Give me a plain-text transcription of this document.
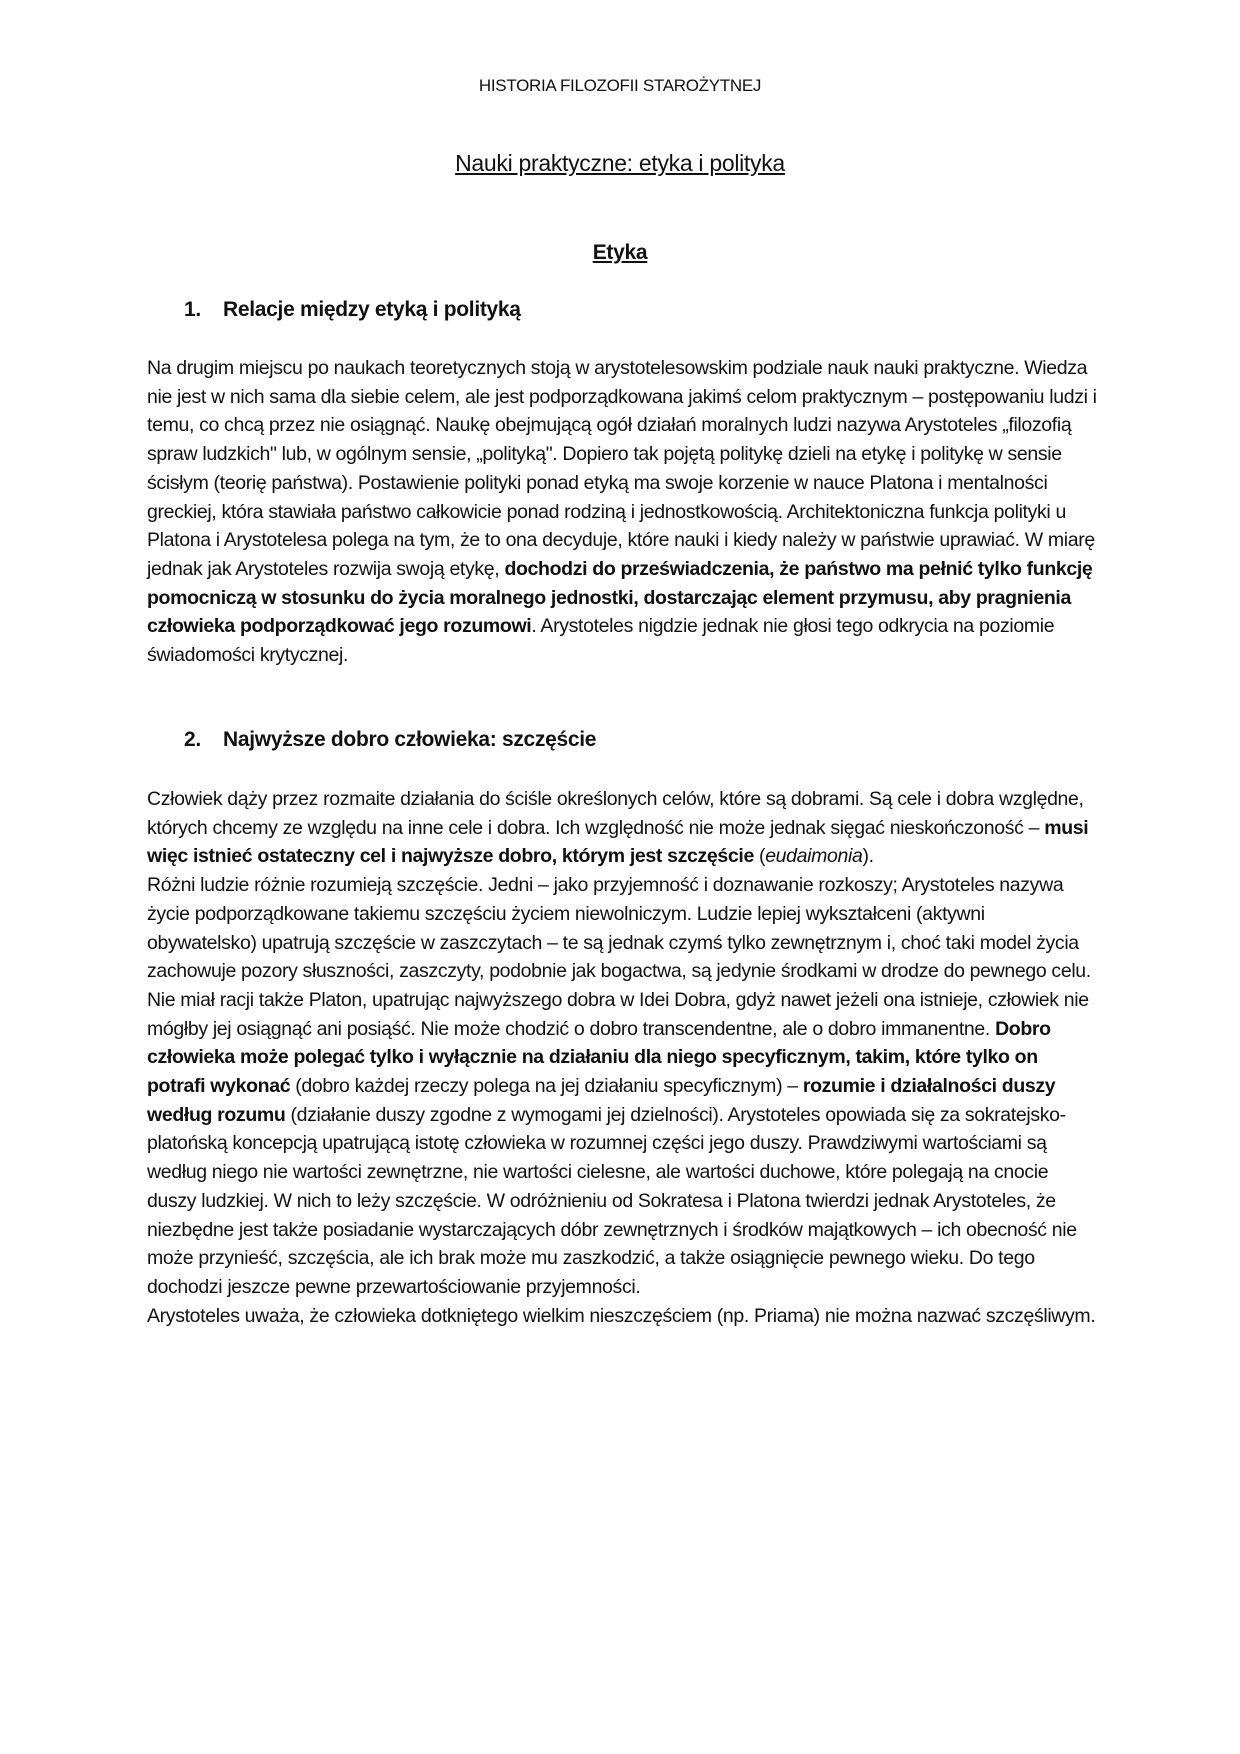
HISTORIA FILOZOFII STAROŻYTNEJ
Nauki praktyczne: etyka i polityka
Etyka
1. Relacje między etyką i polityką
Na drugim miejscu po naukach teoretycznych stoją w arystotelesowskim podziale nauk nauki praktyczne. Wiedza nie jest w nich sama dla siebie celem, ale jest podporządkowana jakimś celom praktycznym – postępowaniu ludzi i temu, co chcą przez nie osiągnąć. Naukę obejmującą ogół działań moralnych ludzi nazywa Arystoteles „filozofią spraw ludzkich" lub, w ogólnym sensie, „polityką". Dopiero tak pojętą politykę dzieli na etykę i politykę w sensie ścisłym (teorię państwa). Postawienie polityki ponad etyką ma swoje korzenie w nauce Platona i mentalności greckiej, która stawiała państwo całkowicie ponad rodziną i jednostkowością. Architektoniczna funkcja polityki u Platona i Arystotelesa polega na tym, że to ona decyduje, które nauki i kiedy należy w państwie uprawiać. W miarę jednak jak Arystoteles rozwija swoją etykę, dochodzi do przeświadczenia, że państwo ma pełnić tylko funkcję pomocniczą w stosunku do życia moralnego jednostki, dostarczając element przymusu, aby pragnienia człowieka podporządkować jego rozumowi. Arystoteles nigdzie jednak nie głosi tego odkrycia na poziomie świadomości krytycznej.
2. Najwyższe dobro człowieka: szczęście
Człowiek dąży przez rozmaite działania do ściśle określonych celów, które są dobrami. Są cele i dobra względne, których chcemy ze względu na inne cele i dobra. Ich względność nie może jednak sięgać nieskończoność – musi więc istnieć ostateczny cel i najwyższe dobro, którym jest szczęście (eudaimonia).
Różni ludzie różnie rozumieją szczęście. Jedni – jako przyjemność i doznawanie rozkoszy; Arystoteles nazywa życie podporządkowane takiemu szczęściu życiem niewolniczym. Ludzie lepiej wykształceni (aktywni obywatelsko) upatrują szczęście w zaszczytach – te są jednak czymś tylko zewnętrznym i, choć taki model życia zachowuje pozory słuszności, zaszczyty, podobnie jak bogactwa, są jedynie środkami w drodze do pewnego celu. Nie miał racji także Platon, upatrując najwyższego dobra w Idei Dobra, gdyż nawet jeżeli ona istnieje, człowiek nie mógłby jej osiągnąć ani posiąść. Nie może chodzić o dobro transcendentne, ale o dobro immanentne. Dobro człowieka może polegać tylko i wyłącznie na działaniu dla niego specyficznym, takim, które tylko on potrafi wykonać (dobro każdej rzeczy polega na jej działaniu specyficznym) – rozumie i działalności duszy według rozumu (działanie duszy zgodne z wymogami jej dzielności). Arystoteles opowiada się za sokratejsko-platońską koncepcją upatrującą istotę człowieka w rozumnej części jego duszy. Prawdziwymi wartościami są według niego nie wartości zewnętrzne, nie wartości cielesne, ale wartości duchowe, które polegają na cnocie duszy ludzkiej. W nich to leży szczęście. W odróżnieniu od Sokratesa i Platona twierdzi jednak Arystoteles, że niezbędne jest także posiadanie wystarczających dóbr zewnętrznych i środków majątkowych – ich obecność nie może przynieść, szczęścia, ale ich brak może mu zaszkodzić, a także osiągnięcie pewnego wieku. Do tego dochodzi jeszcze pewne przewartościowanie przyjemności.
Arystoteles uważa, że człowieka dotkniętego wielkim nieszczęściem (np. Priama) nie można nazwać szczęśliwym.
